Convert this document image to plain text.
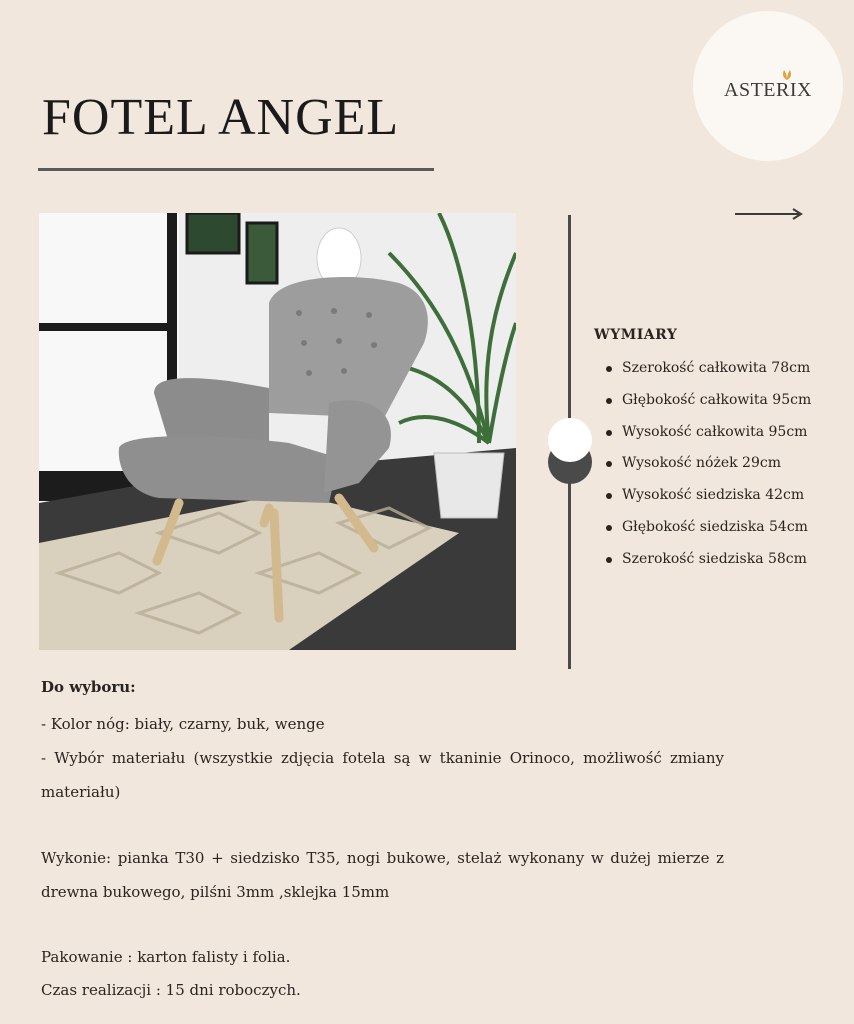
FOTEL ANGEL	ASTERIX
WYMIARY
Szerokość całkowita 78cm
Głębokość całkowita 95cm
Wysokość całkowita 95cm
Wysokość nóżek 29cm
Wysokość siedziska 42cm
Głębokość siedziska 54cm
Szerokość siedziska 58cm
Do wyboru:

- Kolor nóg: biały, czarny, buk, wenge

- Wybór materiału (wszystkie zdjęcia fotela są w tkaninie Orinoco, możliwość zmiany materiału)

Wykonie: pianka T30 + siedzisko T35, nogi bukowe, stelaż wykonany w dużej mierze z drewna bukowego, pilśni 3mm ,sklejka 15mm

Pakowanie : karton falisty i folia.

Czas realizacji : 15 dni roboczych.
